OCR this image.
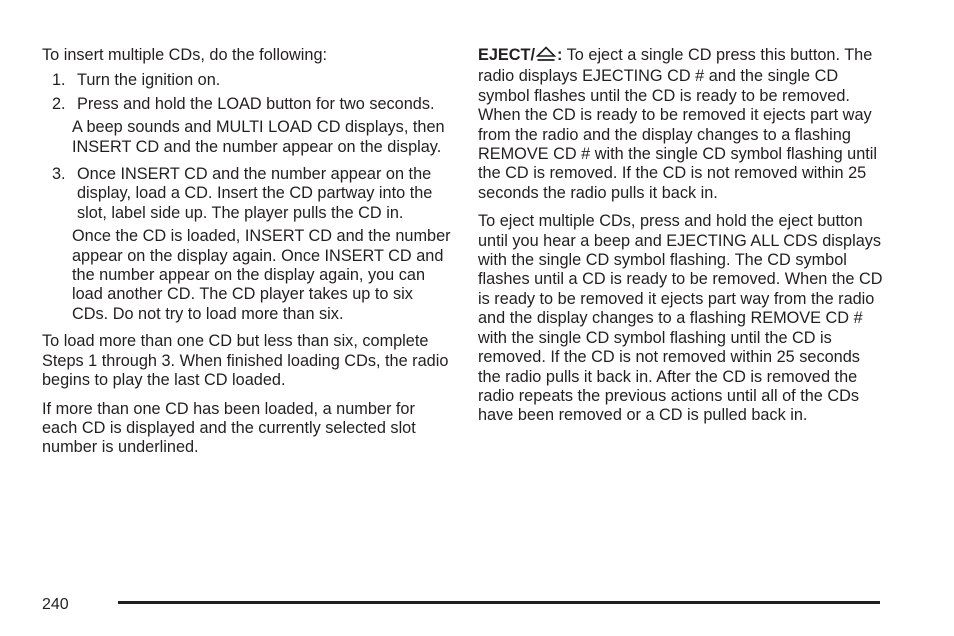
To insert multiple CDs, do the following:

1. Turn the ignition on.
2. Press and hold the LOAD button for two seconds.

A beep sounds and MULTI LOAD CD displays, then INSERT CD and the number appear on the display.

3. Once INSERT CD and the number appear on the display, load a CD. Insert the CD partway into the slot, label side up. The player pulls the CD in.

Once the CD is loaded, INSERT CD and the number appear on the display again. Once INSERT CD and the number appear on the display again, you can load another CD. The CD player takes up to six CDs. Do not try to load more than six.

To load more than one CD but less than six, complete Steps 1 through 3. When finished loading CDs, the radio begins to play the last CD loaded.

If more than one CD has been loaded, a number for each CD is displayed and the currently selected slot number is underlined.

EJECT/ : To eject a single CD press this button. The radio displays EJECTING CD # and the single CD symbol flashes until the CD is ready to be removed. When the CD is ready to be removed it ejects part way from the radio and the display changes to a flashing REMOVE CD # with the single CD symbol flashing until the CD is removed. If the CD is not removed within 25 seconds the radio pulls it back in.

To eject multiple CDs, press and hold the eject button until you hear a beep and EJECTING ALL CDS displays with the single CD symbol flashing. The CD symbol flashes until a CD is ready to be removed. When the CD is ready to be removed it ejects part way from the radio and the display changes to a flashing REMOVE CD # with the single CD symbol flashing until the CD is removed. If the CD is not removed within 25 seconds the radio pulls it back in. After the CD is removed the radio repeats the previous actions until all of the CDs have been removed or a CD is pulled back in.

240
